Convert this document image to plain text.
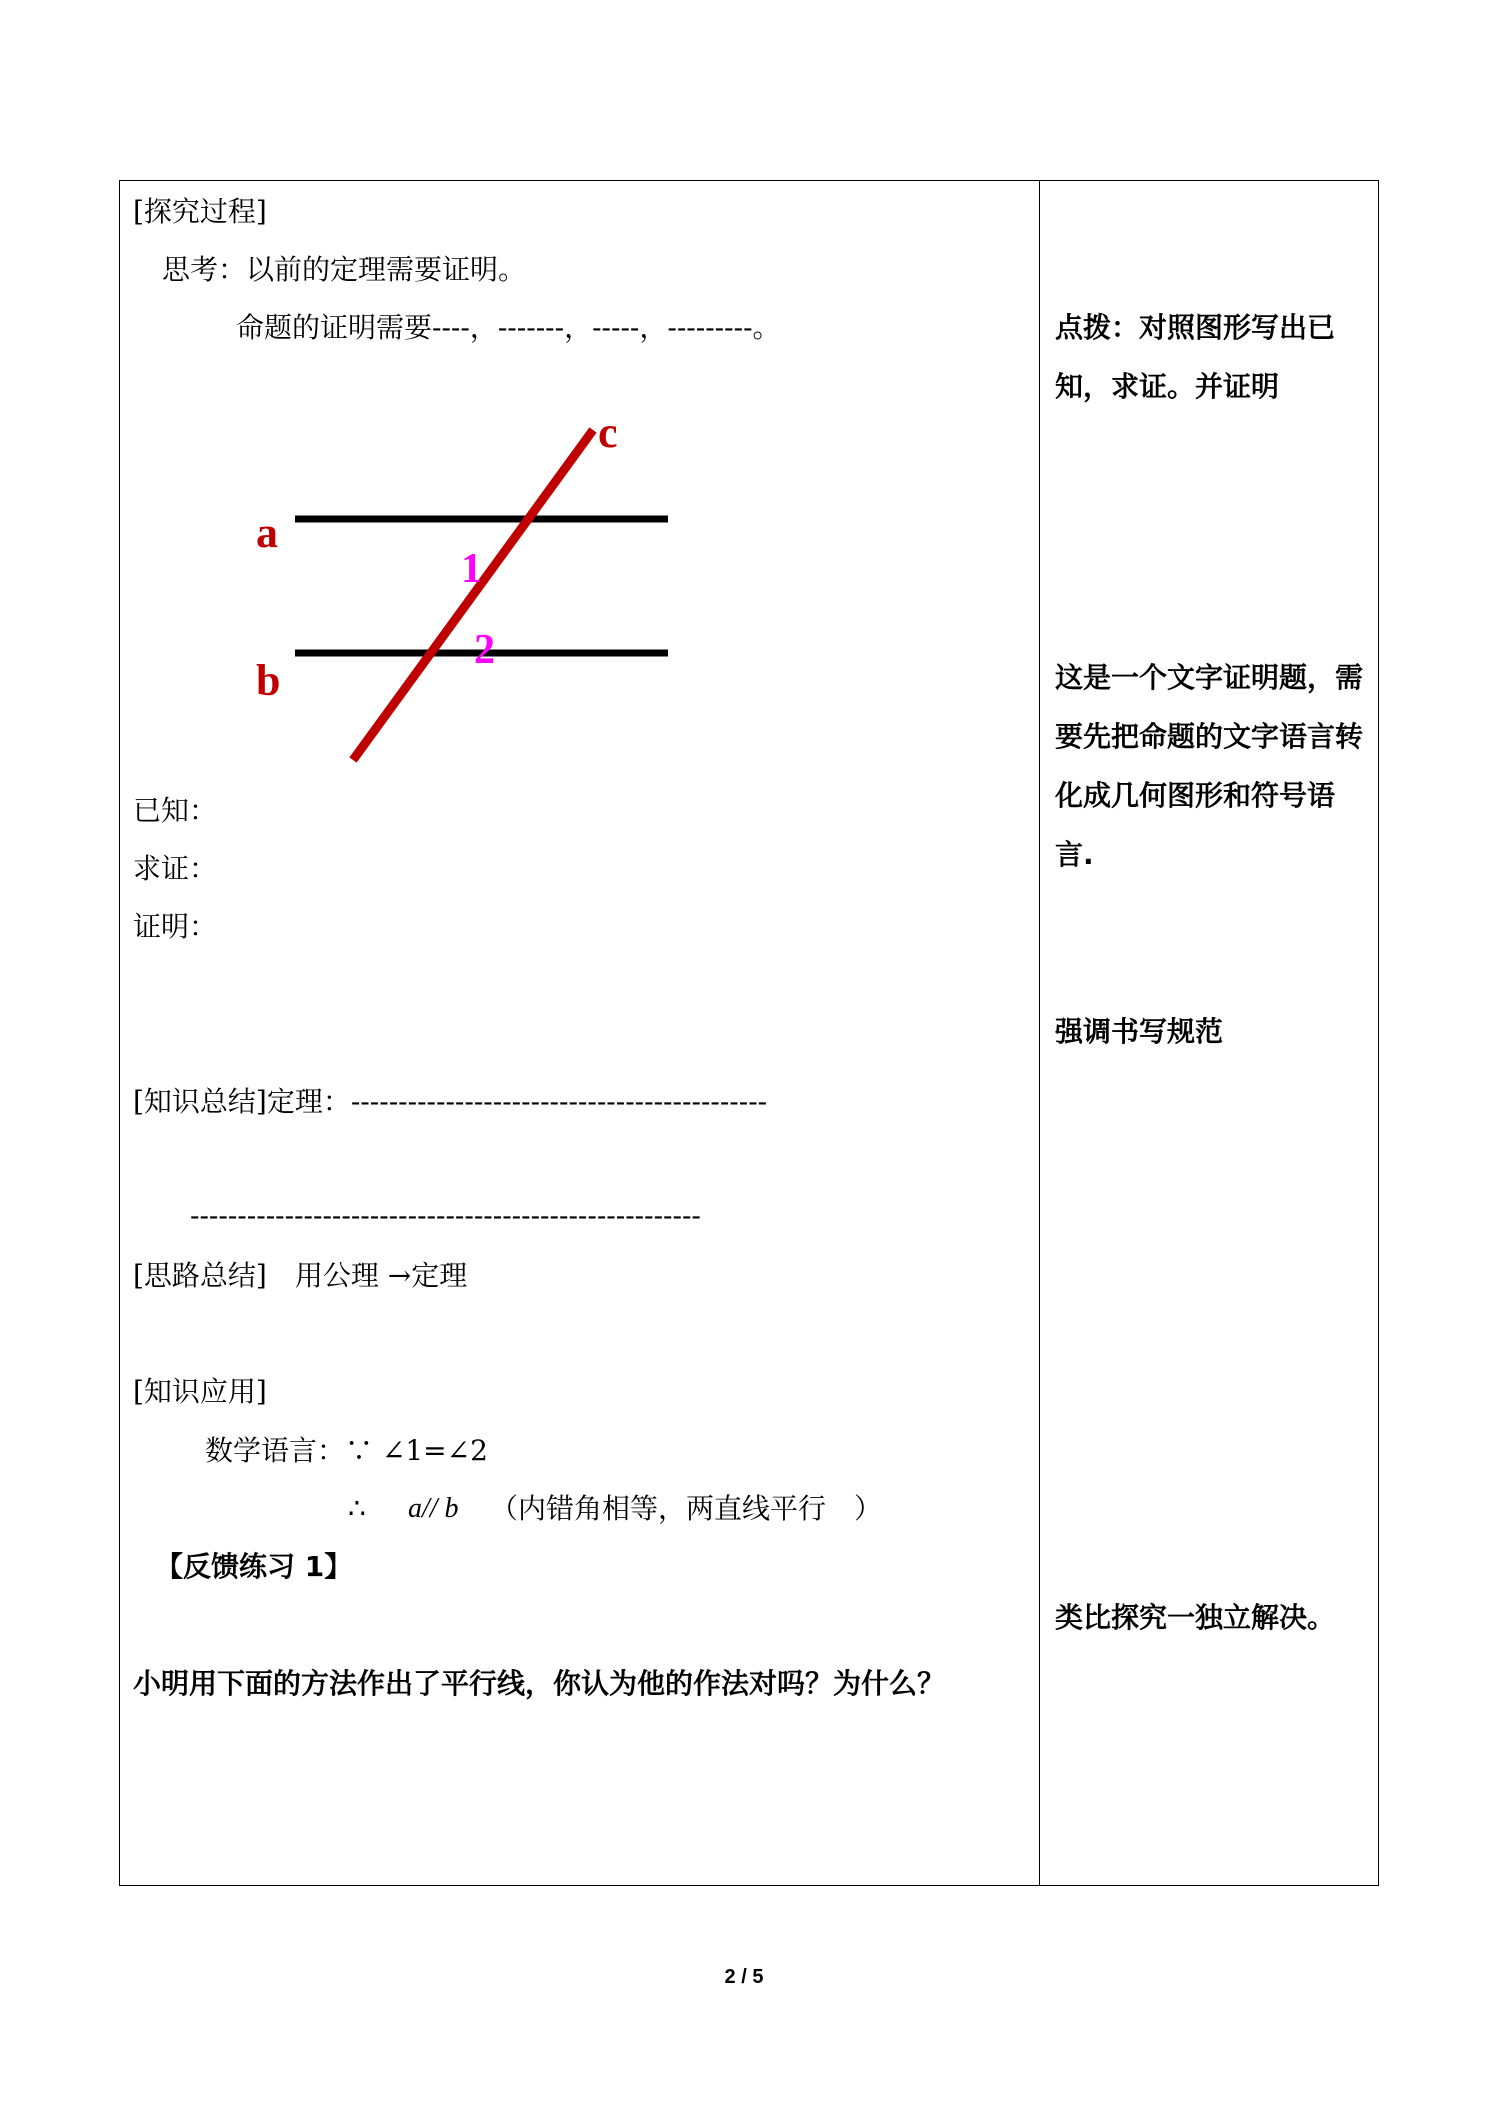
[探究过程]
思考：以前的定理需要证明。
命题的证明需要----，-------，-----，---------。
a
b
c
1
2
已知：
求证：
证明：
[知识总结]定理：--------------------------------------------
------------------------------------------------------
[思路总结]　用公理 →定理
[知识应用]
数学语言：∵ ∠1=∠2
∴ a// b （内错角相等，两直线平行　）
【反馈练习 1】
小明用下面的方法作出了平行线，你认为他的作法对吗？为什么？
点拨：对照图形写出已知，求证。并证明
这是一个文字证明题，需要先把命题的文字语言转化成几何图形和符号语言.
强调书写规范
类比探究一独立解决。
2 / 5
